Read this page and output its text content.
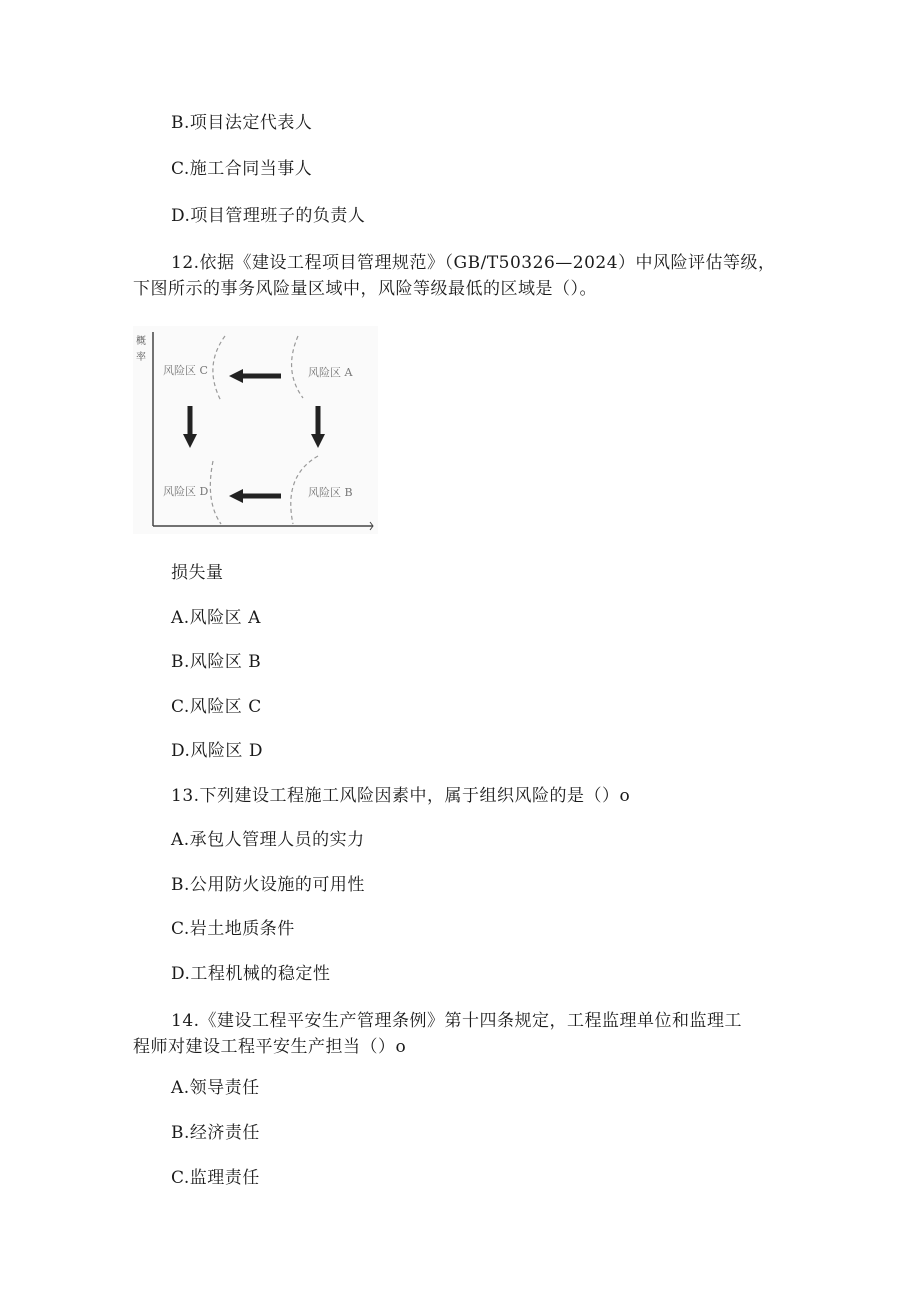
B.项目法定代表人
C.施工合同当事人
D.项目管理班子的负责人
12.依据《建设工程项目管理规范》（GB/T50326—2024）中风险评估等级，
下图所示的事务风险量区域中，风险等级最低的区域是（）。
概
率
风险区 C	风险区 A
风险区 D	风险区 B
损失量
A.风险区 A
B.风险区 B
C.风险区 C
D.风险区 D
13.下列建设工程施工风险因素中，属于组织风险的是（）o
A.承包人管理人员的实力
B.公用防火设施的可用性
C.岩土地质条件
D.工程机械的稳定性
14.《建设工程平安生产管理条例》第十四条规定，工程监理单位和监理工
程师对建设工程平安生产担当（）o
A.领导责任
B.经济责任
C.监理责任
